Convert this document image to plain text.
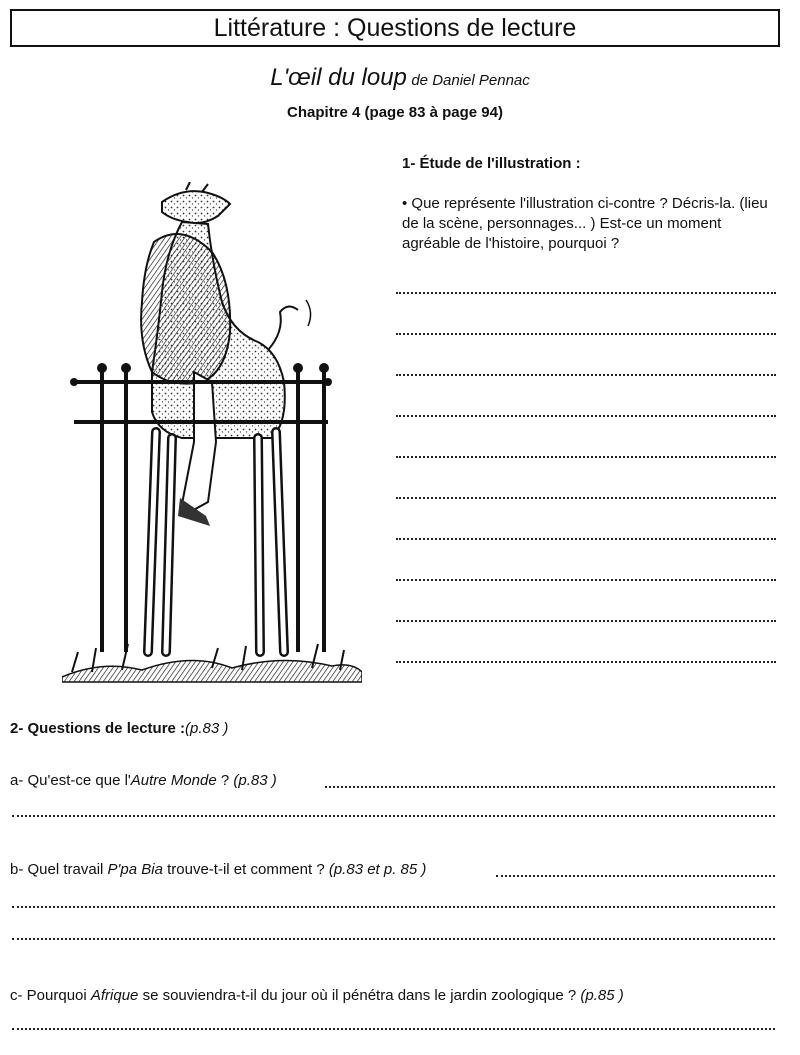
Littérature : Questions de lecture
L'œil du loup de Daniel Pennac
Chapitre 4 (page 83 à page 94)
1- Étude de l'illustration :
• Que représente l'illustration ci-contre ? Décris-la. (lieu de la scène, personnages... ) Est-ce un moment agréable de l'histoire, pourquoi ?
2- Questions de lecture :(p.83 )
a- Qu'est-ce que l'Autre Monde ? (p.83 )
b- Quel travail P'pa Bia trouve-t-il et comment ? (p.83 et p. 85 )
c- Pourquoi Afrique se souviendra-t-il du jour où il pénétra dans le jardin zoologique ? (p.85 )
